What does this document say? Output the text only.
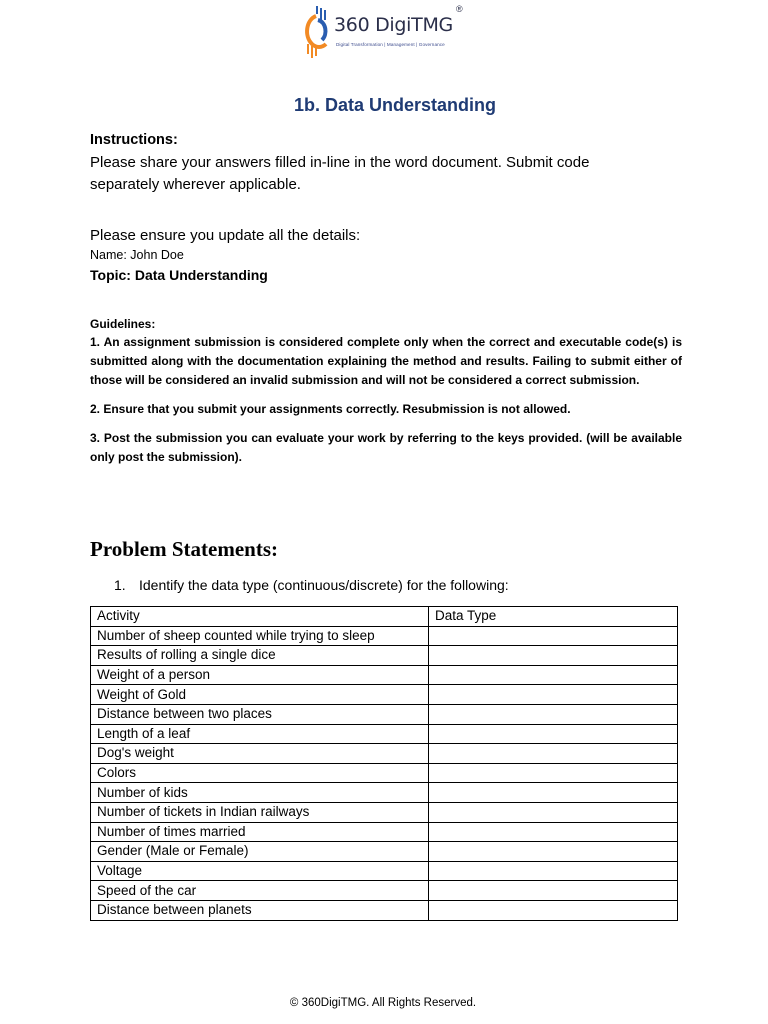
360 DigiTMG
®
Digital Transformation | Management | Governance
1b. Data Understanding
Instructions:
Please share your answers filled in-line in the word document. Submit code separately wherever applicable.
Please ensure you update all the details:
Name: John Doe
Topic: Data Understanding
Guidelines:
1. An assignment submission is considered complete only when the correct and executable code(s) is submitted along with the documentation explaining the method and results. Failing to submit either of those will be considered an invalid submission and will not be considered a correct submission.
2. Ensure that you submit your assignments correctly. Resubmission is not allowed.
3. Post the submission you can evaluate your work by referring to the keys provided. (will be available only post the submission).
Problem Statements:
1. Identify the data type (continuous/discrete) for the following:
Activity	Data Type
Number of sheep counted while trying to sleep	
Results of rolling a single dice	
Weight of a person	
Weight of Gold	
Distance between two places	
Length of a leaf	
Dog's weight	
Colors	
Number of kids	
Number of tickets in Indian railways	
Number of times married	
Gender (Male or Female)	
Voltage	
Speed of the car	
Distance between planets	
© 360DigiTMG. All Rights Reserved.
